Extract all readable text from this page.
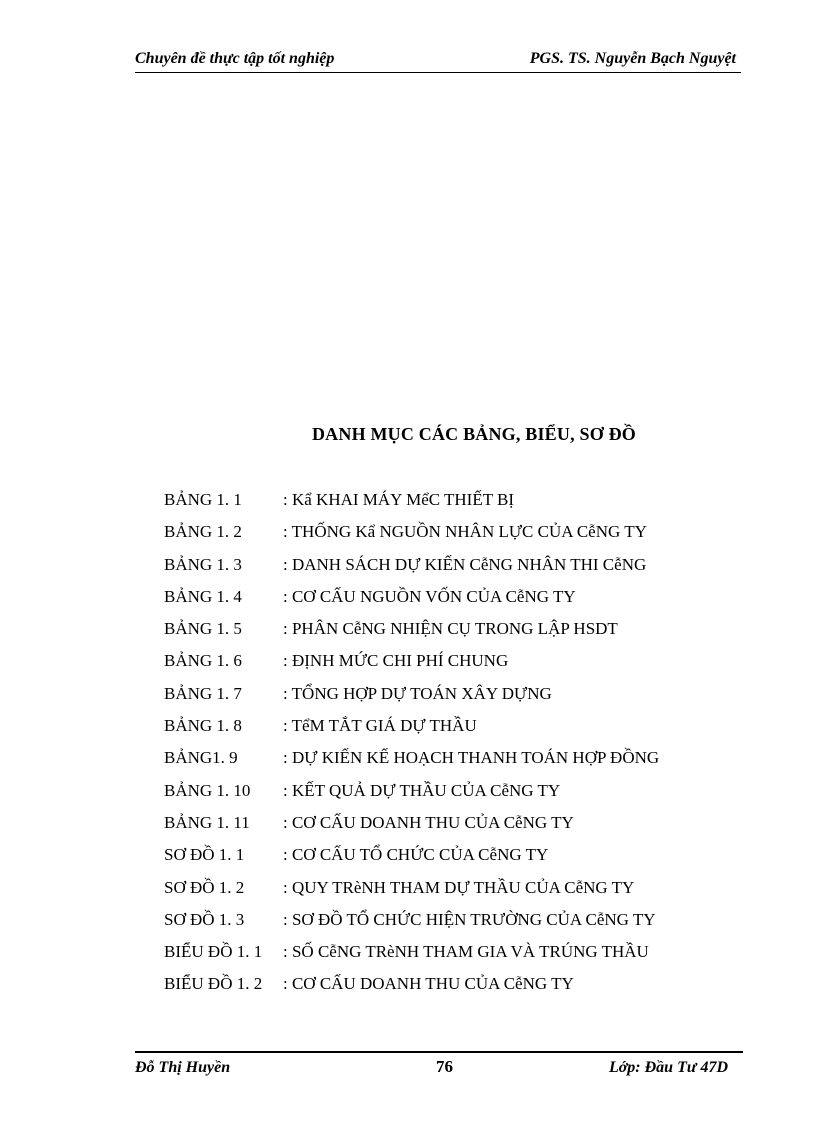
Chuyên đề thực tập tốt nghiệp	PGS. TS. Nguyễn Bạch Nguyệt
DANH MỤC CÁC BẢNG, BIỂU, SƠ ĐỒ
BẢNG 1. 1 : Kẩ KHAI MÁY MểC THIẾT BỊ
BẢNG 1. 2 : THỐNG Kẩ NGUỒN NHÂN LỰC CỦA CễNG TY
BẢNG 1. 3 : DANH SÁCH DỰ KIẾN CễNG NHÂN THI CễNG
BẢNG 1. 4 : CƠ CẤU NGUỒN VỐN CỦA CễNG TY
BẢNG 1. 5 : PHÂN CễNG NHIỆN CỤ TRONG LẬP HSDT
BẢNG 1. 6 : ĐỊNH MỨC CHI PHÍ CHUNG
BẢNG 1. 7 : TỔNG HỢP DỰ TOÁN XÂY DỰNG
BẢNG 1. 8 : TểM TẮT GIÁ DỰ THẦU
BẢNG1. 9	: DỰ KIẾN KẾ HOẠCH THANH TOÁN HỢP ĐỒNG
BẢNG 1. 10 : KẾT QUẢ DỰ THẦU CỦA CễNG TY
BẢNG 1. 11 : CƠ CẤU DOANH THU CỦA CễNG TY
SƠ ĐỒ 1. 1 : CƠ CẤU TỔ CHỨC CỦA CễNG TY
SƠ ĐỒ 1. 2 : QUY TRèNH THAM DỰ THẦU CỦA CễNG TY
SƠ ĐỒ 1. 3 : SƠ ĐỒ TỔ CHỨC HIỆN TRƯỜNG CỦA CễNG TY
BIỂU ĐỒ 1. 1 : SỐ CễNG TRèNH THAM GIA VÀ TRÚNG THẦU
BIỂU ĐỒ 1. 2 : CƠ CẤU DOANH THU CỦA CễNG TY
Đỗ Thị Huyền	76	Lớp: Đầu Tư 47D
